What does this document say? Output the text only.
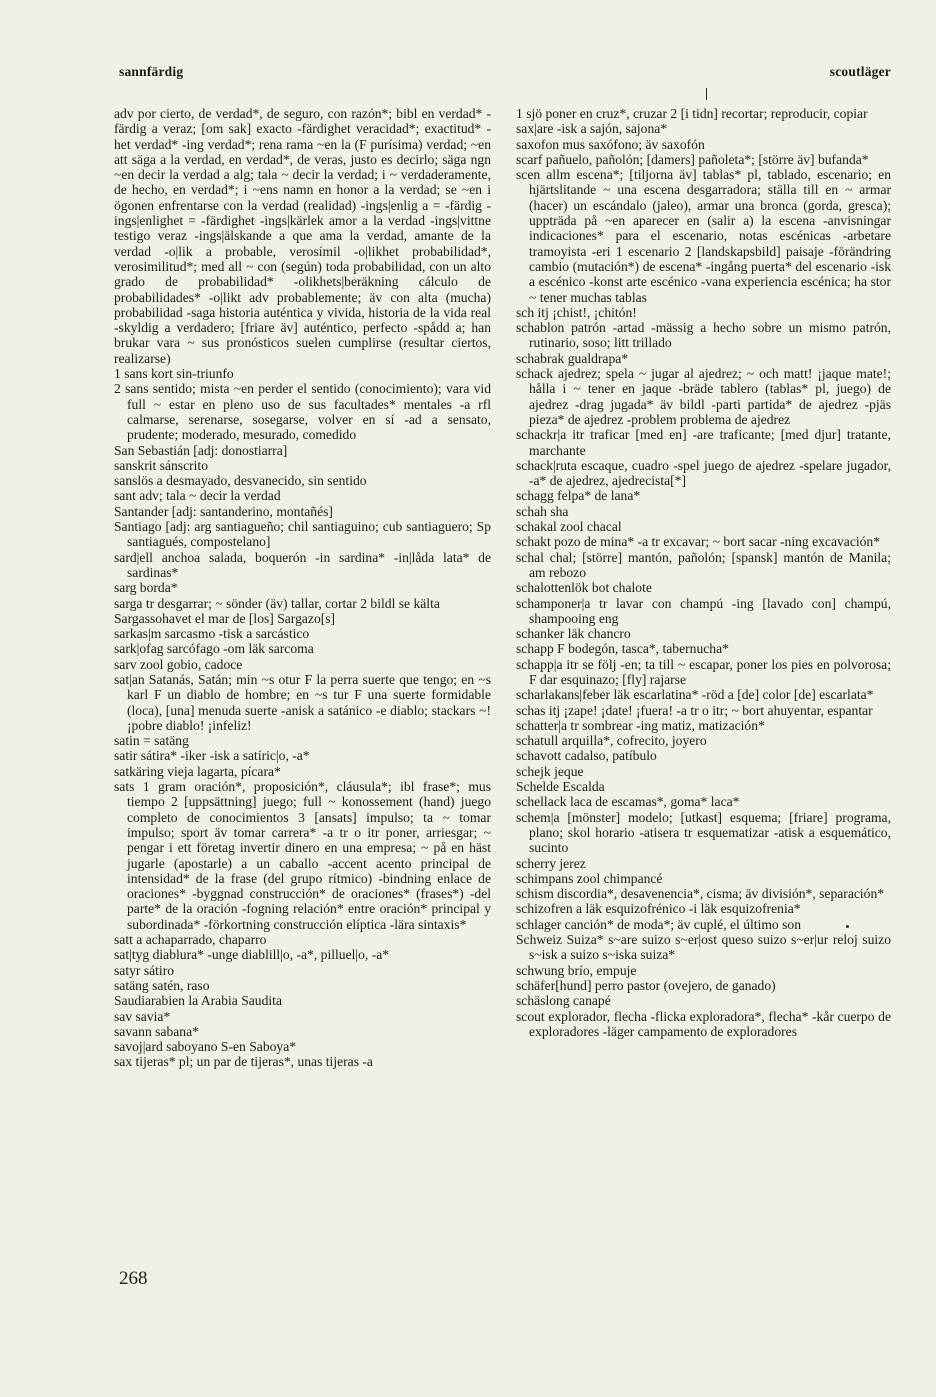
sannfärdig	scoutläger

adv por cierto, de verdad*, de seguro, con razón*; bibl en verdad* -färdig a veraz; [om sak] exacto -färdighet veracidad*; exactitud* -het verdad* -ing verdad*; rena rama ~en la (F purísima) verdad; ~en att säga a la verdad, en verdad*, de veras, justo es decirlo; säga ngn ~en decir la verdad a alg; tala ~ decir la verdad; i ~ verdaderamente, de hecho, en verdad*; i ~ens namn en honor a la verdad; se ~en i ögonen enfrentarse con la verdad (realidad) -ings|enlig a = -färdig -ings|enlighet = -färdighet -ings|kärlek amor a la verdad -ings|vittne testigo veraz -ings|älskande a que ama la verdad, amante de la verdad -o|lik a probable, verosímil -o|likhet probabilidad*, verosimilitud*; med all ~ con (según) toda probabilidad, con un alto grado de probabilidad* -olikhets|beräkning cálculo de probabilidades* -o|likt adv probablemente; äv con alta (mucha) probabilidad -saga historia auténtica y vivida, historia de la vida real -skyldig a verdadero; [friare äv] auténtico, perfecto -spådd a; han brukar vara ~ sus pronósticos suelen cumplirse (resultar ciertos, realizarse)

1 sans kort sin-triunfo

2 sans sentido; mista ~en perder el sentido (conocimiento); vara vid full ~ estar en pleno uso de sus facultades* mentales -a rfl calmarse, serenarse, sosegarse, volver en sí -ad a sensato, prudente; moderado, mesurado, comedido

San Sebastián [adj: donostiarra]

sanskrit sánscrito

sanslös a desmayado, desvanecido, sin sentido

sant adv; tala ~ decir la verdad

Santander [adj: santanderino, montañés]

Santiago [adj: arg santiagueño; chil santiaguino; cub santiaguero; Sp santiagués, compostelano]

sard|ell anchoa salada, boquerón -in sardina* -in|låda lata* de sardinas*

sarg borda*

sarga tr desgarrar; ~ sönder (äv) tallar, cortar 2 bildl se kälta

Sargassohavet el mar de [los] Sargazo[s]

sarkas|m sarcasmo -tisk a sarcástico

sark|ofag sarcófago -om läk sarcoma

sarv zool gobio, cadoce

sat|an Satanás, Satán; min ~s otur F la perra suerte que tengo; en ~s karl F un diablo de hombre; en ~s tur F una suerte formidable (loca), [una] menuda suerte -anisk a satánico -e diablo; stackars ~! ¡pobre diablo! ¡infeliz!

satin = satäng

satir sátira* -iker -isk a satíric|o, -a*

satkäring vieja lagarta, pícara*

sats 1 gram oración*, proposición*, cláusula*; ibl frase*; mus tiempo 2 [uppsättning] juego; full ~ konossement (hand) juego completo de conocimientos 3 [ansats] impulso; ta ~ tomar impulso; sport äv tomar carrera* -a tr o itr poner, arriesgar; ~ pengar i ett företag invertir dinero en una empresa; ~ på en häst jugarle (apostarle) a un caballo -accent acento principal de intensidad* de la frase (del grupo rítmico) -bindning enlace de oraciones* -byggnad construcción* de oraciones* (frases*) -del parte* de la oración -fogning relación* entre oración* principal y subordinada* -förkortning construcción elíptica -lära sintaxis*

satt a achaparrado, chaparro

sat|tyg diablura* -unge diablill|o, -a*, pilluel|o, -a*

satyr sátiro

satäng satén, raso

Saudiarabien la Arabia Saudita

sav savia*

savann sabana*

savoj|ard saboyano S-en Saboya*

sax tijeras* pl; un par de tijeras*, unas tijeras -a

1 sjö poner en cruz*, cruzar 2 [i tidn] recortar; reproducir, copiar

sax|are -isk a sajón, sajona*

saxofon mus saxófono; äv saxofón

scarf pañuelo, pañolón; [damers] pañoleta*; [större äv] bufanda*

scen allm escena*; [tiljorna äv] tablas* pl, tablado, escenario; en hjärtslitande ~ una escena desgarradora; ställa till en ~ armar (hacer) un escándalo (jaleo), armar una bronca (gorda, gresca); uppträda på ~en aparecer en (salir a) la escena -anvisningar indicaciones* para el escenario, notas escénicas -arbetare tramoyista -eri 1 escenario 2 [landskapsbild] paisaje -förändring cambio (mutación*) de escena* -ingång puerta* del escenario -isk a escénico -konst arte escénico -vana experiencia escénica; ha stor ~ tener muchas tablas

sch itj ¡chist!, ¡chitón!

schablon patrón -artad -mässig a hecho sobre un mismo patrón, rutinario, soso; litt trillado

schabrak gualdrapa*

schack ajedrez; spela ~ jugar al ajedrez; ~ och matt! ¡jaque mate!; hålla i ~ tener en jaque -bräde tablero (tablas* pl, juego) de ajedrez -drag jugada* äv bildl -parti partida* de ajedrez -pjäs pieza* de ajedrez -problem problema de ajedrez

schackr|a itr traficar [med en] -are traficante; [med djur] tratante, marchante

schack|ruta escaque, cuadro -spel juego de ajedrez -spelare jugador, -a* de ajedrez, ajedrecista[*]

schagg felpa* de lana*

schah sha

schakal zool chacal

schakt pozo de mina* -a tr excavar; ~ bort sacar -ning excavación*

schal chal; [större] mantón, pañolón; [spansk] mantón de Manila; am rebozo

schalottenlök bot chalote

schamponer|a tr lavar con champú -ing [lavado con] champú, shampooing eng

schanker läk chancro

schapp F bodegón, tasca*, tabernucha*

schapp|a itr se följ -en; ta till ~ escapar, poner los pies en polvorosa; F dar esquinazo; [fly] rajarse

scharlakans|feber läk escarlatina* -röd a [de] color [de] escarlata*

schas itj ¡zape! ¡date! ¡fuera! -a tr o itr; ~ bort ahuyentar, espantar

schatter|a tr sombrear -ing matiz, matización*

schatull arquilla*, cofrecito, joyero

schavott cadalso, patíbulo

schejk jeque

Schelde Escalda

schellack laca de escamas*, goma* laca*

schem|a [mönster] modelo; [utkast] esquema; [friare] programa, plano; skol horario -atisera tr esquematizar -atisk a esquemático, sucinto

scherry jerez

schimpans zool chimpancé

schism discordia*, desavenencia*, cisma; äv división*, separación*

schizofren a läk esquizofrénico -i läk esquizofrenia*

schlager canción* de moda*; äv cuplé, el último son

Schweiz Suiza* s~are suizo s~er|ost queso suizo s~er|ur reloj suizo s~isk a suizo s~iska suiza*

schwung brío, empuje

schäfer[hund] perro pastor (ovejero, de ganado)

schäslong canapé

scout explorador, flecha -flicka exploradora*, flecha* -kår cuerpo de exploradores -läger campamento de exploradores

268
